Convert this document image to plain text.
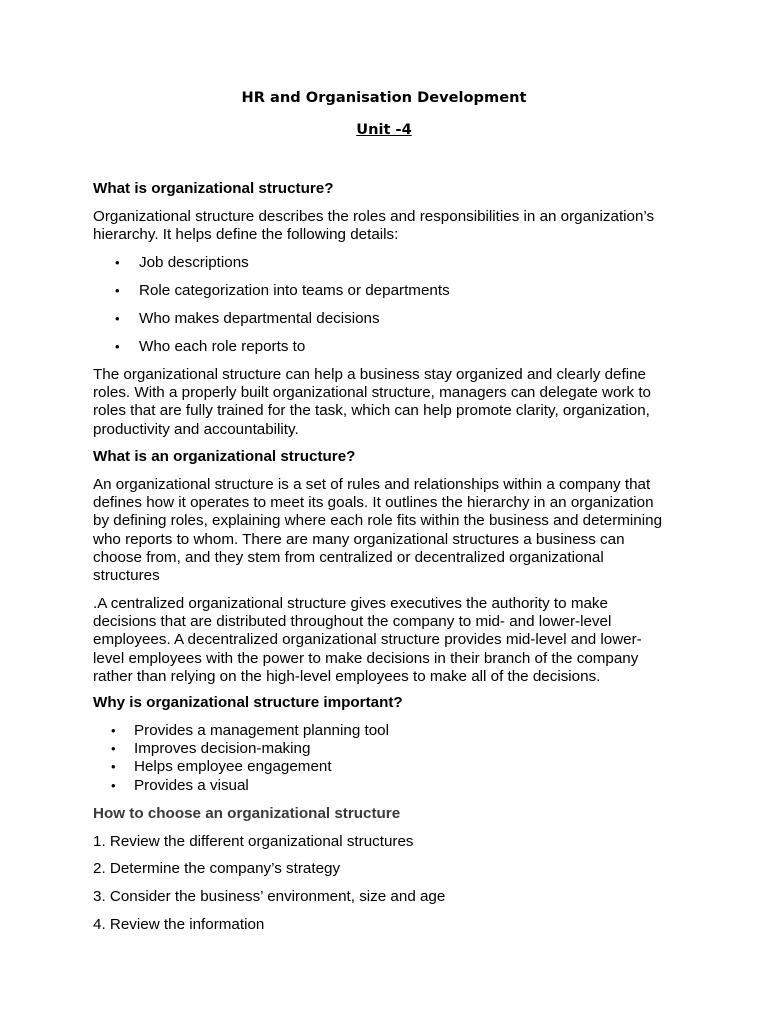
HR and Organisation Development
Unit -4
What is organizational structure?
Organizational structure describes the roles and responsibilities in an organization’s
hierarchy. It helps define the following details:
• Job descriptions
• Role categorization into teams or departments
• Who makes departmental decisions
• Who each role reports to
The organizational structure can help a business stay organized and clearly define
roles. With a properly built organizational structure, managers can delegate work to
roles that are fully trained for the task, which can help promote clarity, organization,
productivity and accountability.
What is an organizational structure?
An organizational structure is a set of rules and relationships within a company that
defines how it operates to meet its goals. It outlines the hierarchy in an organization
by defining roles, explaining where each role fits within the business and determining
who reports to whom. There are many organizational structures a business can
choose from, and they stem from centralized or decentralized organizational
structures
.A centralized organizational structure gives executives the authority to make
decisions that are distributed throughout the company to mid- and lower-level
employees. A decentralized organizational structure provides mid-level and lower-
level employees with the power to make decisions in their branch of the company
rather than relying on the high-level employees to make all of the decisions.
Why is organizational structure important?
• Provides a management planning tool
• Improves decision-making
• Helps employee engagement
• Provides a visual
How to choose an organizational structure
1. Review the different organizational structures
2. Determine the company’s strategy
3. Consider the business’ environment, size and age
4. Review the information
